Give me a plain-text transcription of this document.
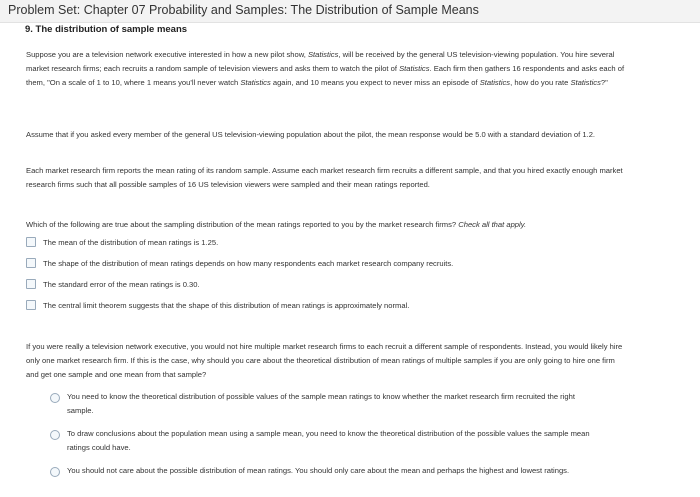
Problem Set: Chapter 07 Probability and Samples: The Distribution of Sample Means
9. The distribution of sample means

Suppose you are a television network executive interested in how a new pilot show, Statistics, will be received by the general US television-viewing population. You hire several market research firms; each recruits a random sample of television viewers and asks them to watch the pilot of Statistics. Each firm then gathers 16 respondents and asks each of them, "On a scale of 1 to 10, where 1 means you'll never watch Statistics again, and 10 means you expect to never miss an episode of Statistics, how do you rate Statistics?"

Assume that if you asked every member of the general US television-viewing population about the pilot, the mean response would be 5.0 with a standard deviation of 1.2.

Each market research firm reports the mean rating of its random sample. Assume each market research firm recruits a different sample, and that you hired exactly enough market research firms such that all possible samples of 16 US television viewers were sampled and their mean ratings reported.

Which of the following are true about the sampling distribution of the mean ratings reported to you by the market research firms? Check all that apply.

The mean of the distribution of mean ratings is 1.25.
The shape of the distribution of mean ratings depends on how many respondents each market research company recruits.
The standard error of the mean ratings is 0.30.
The central limit theorem suggests that the shape of this distribution of mean ratings is approximately normal.

If you were really a television network executive, you would not hire multiple market research firms to each recruit a different sample of respondents. Instead, you would likely hire only one market research firm. If this is the case, why should you care about the theoretical distribution of mean ratings of multiple samples if you are only going to hire one firm and get one sample and one mean from that sample?

You need to know the theoretical distribution of possible values of the sample mean ratings to know whether the market research firm recruited the right sample.
To draw conclusions about the population mean using a sample mean, you need to know the theoretical distribution of the possible values the sample mean ratings could have.
You should not care about the possible distribution of mean ratings. You should only care about the mean and perhaps the highest and lowest ratings.
